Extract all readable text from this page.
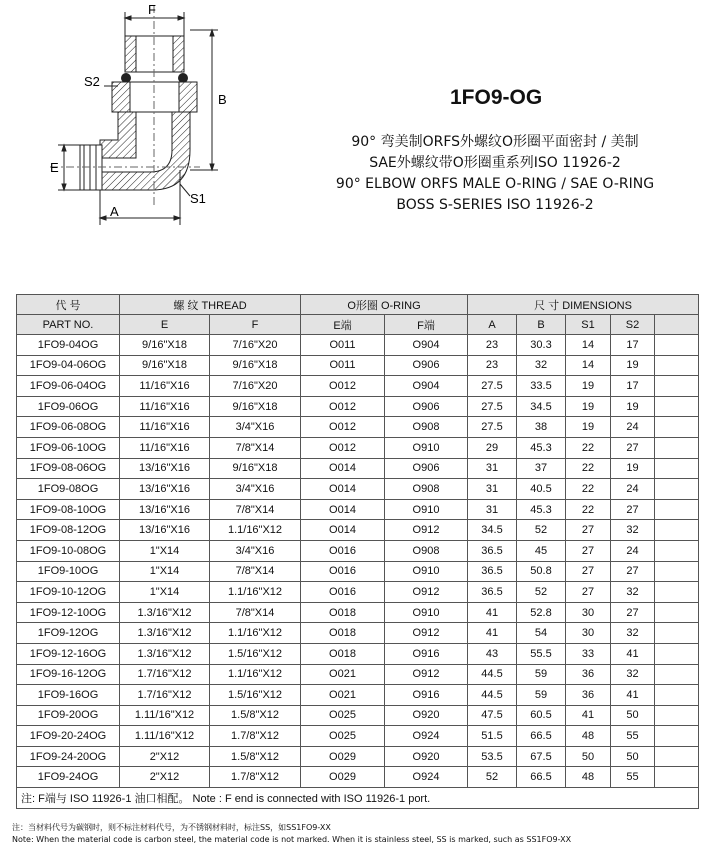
F
B
S2
E
S1
A
1FO9-OG
90° 弯美制ORFS外螺纹O形圈平面密封 / 美制
SAE外螺纹带O形圈重系列ISO 11926-2
90° ELBOW ORFS MALE O-RING / SAE O-RING
BOSS S-SERIES ISO 11926-2
代 号	螺 纹 THREAD		O形圈 O-RING		尺 寸 DIMENSIONS				
PART NO.	E	F	E端	F端	A	B	S1	S2	
1FO9-04OG	9/16"X18	7/16"X20	O011	O904	23	30.3	14	17	
1FO9-04-06OG	9/16"X18	9/16"X18	O011	O906	23	32	14	19	
1FO9-06-04OG	11/16"X16	7/16"X20	O012	O904	27.5	33.5	19	17	
1FO9-06OG	11/16"X16	9/16"X18	O012	O906	27.5	34.5	19	19	
1FO9-06-08OG	11/16"X16	3/4"X16	O012	O908	27.5	38	19	24	
1FO9-06-10OG	11/16"X16	7/8"X14	O012	O910	29	45.3	22	27	
1FO9-08-06OG	13/16"X16	9/16"X18	O014	O906	31	37	22	19	
1FO9-08OG	13/16"X16	3/4"X16	O014	O908	31	40.5	22	24	
1FO9-08-10OG	13/16"X16	7/8"X14	O014	O910	31	45.3	22	27	
1FO9-08-12OG	13/16"X16	1.1/16"X12	O014	O912	34.5	52	27	32	
1FO9-10-08OG	1"X14	3/4"X16	O016	O908	36.5	45	27	24	
1FO9-10OG	1"X14	7/8"X14	O016	O910	36.5	50.8	27	27	
1FO9-10-12OG	1"X14	1.1/16"X12	O016	O912	36.5	52	27	32	
1FO9-12-10OG	1.3/16"X12	7/8"X14	O018	O910	41	52.8	30	27	
1FO9-12OG	1.3/16"X12	1.1/16"X12	O018	O912	41	54	30	32	
1FO9-12-16OG	1.3/16"X12	1.5/16"X12	O018	O916	43	55.5	33	41	
1FO9-16-12OG	1.7/16"X12	1.1/16"X12	O021	O912	44.5	59	36	32	
1FO9-16OG	1.7/16"X12	1.5/16"X12	O021	O916	44.5	59	36	41	
1FO9-20OG	1.11/16"X12	1.5/8"X12	O025	O920	47.5	60.5	41	50	
1FO9-20-24OG	1.11/16"X12	1.7/8"X12	O025	O924	51.5	66.5	48	55	
1FO9-24-20OG	2"X12	1.5/8"X12	O029	O920	53.5	67.5	50	50	
1FO9-24OG	2"X12	1.7/8"X12	O029	O924	52	66.5	48	55	
注: F端与 ISO 11926-1 油口相配。 Note : F end is connected with ISO 11926-1 port.									
注：当材料代号为碳钢时，则不标注材料代号，为不锈钢材料时，标注SS，如SS1FO9-XX
Note: When the material code is carbon steel, the material code is not marked. When it is stainless steel, SS is marked, such as SS1FO9-XX
